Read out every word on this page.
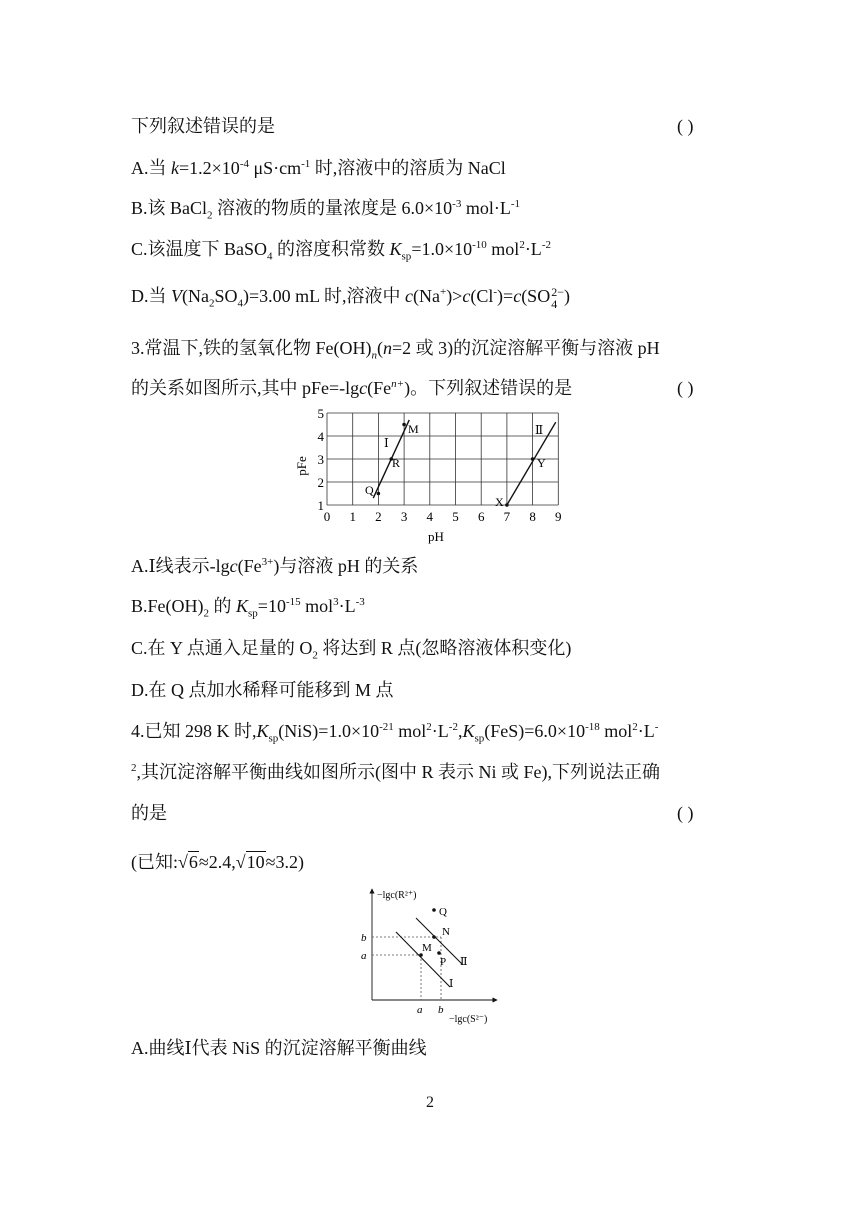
下列叙述错误的是	( )
A.当 $k=1.2\times 10^{-4}$ $\mu S\cdot cm^{-1}$ 时,溶液中的溶质为 NaCl
B.该 BaCl$_2$ 溶液的物质的量浓度是 $6.0\times 10^{-3}$ $mol\cdot L^{-1}$
C.该温度下 BaSO$_4$ 的溶度积常数 $K_{sp}=1.0\times 10^{-10}$ $mol^2\cdot L^{-2}$
D.当 $V(Na_2SO_4)=3.00$ mL 时,溶液中 c(Na+)>c(Cl-)=c(SO 2−
4 )
3.常温下,铁的氢氧化物 $Fe(OH)_n(n=2$ 或 3)的沉淀溶解平衡与溶液 pH
的关系如图所示,其中 $pFe=-\lg c(Fe^{n+})$。下列叙述错误的是	( )
0 1 2 3 4 5 6 7 8 9
1
2
3
4
5
pH
pFe
M
Ⅰ
R
Q
Ⅱ
Y
X
A.Ⅰ线表示$-\lg c(Fe^{3+})$与溶液 pH 的关系
$B.Fe(OH)_2$ 的 $K_{sp}=10^{-15}$ $mol^3\cdot L^{-3}$
C.在 Y 点通入足量的 $O_2$ 将达到 R 点(忽略溶液体积变化)
D.在 Q 点加水稀释可能移到 M 点
4.已知 298 K 时$,K_{sp}(NiS)=1.0\times 10^{-21}$ $mol^2\cdot L^{-2},K_{sp}(FeS)=6.0\times 10^{-18}$ mol$^2$·L-
$^2$,其沉淀溶解平衡曲线如图所示(图中 R 表示 Ni 或 Fe),下列说法正确
的是	( )
(已知:√6≈2.4,√10≈3.2)
−lgc(R²⁺)
−lgc(S²⁻)
Ⅰ
Ⅱ
Q
N
M
P
b
a
a b
A.曲线Ⅰ代表 NiS 的沉淀溶解平衡曲线
2
